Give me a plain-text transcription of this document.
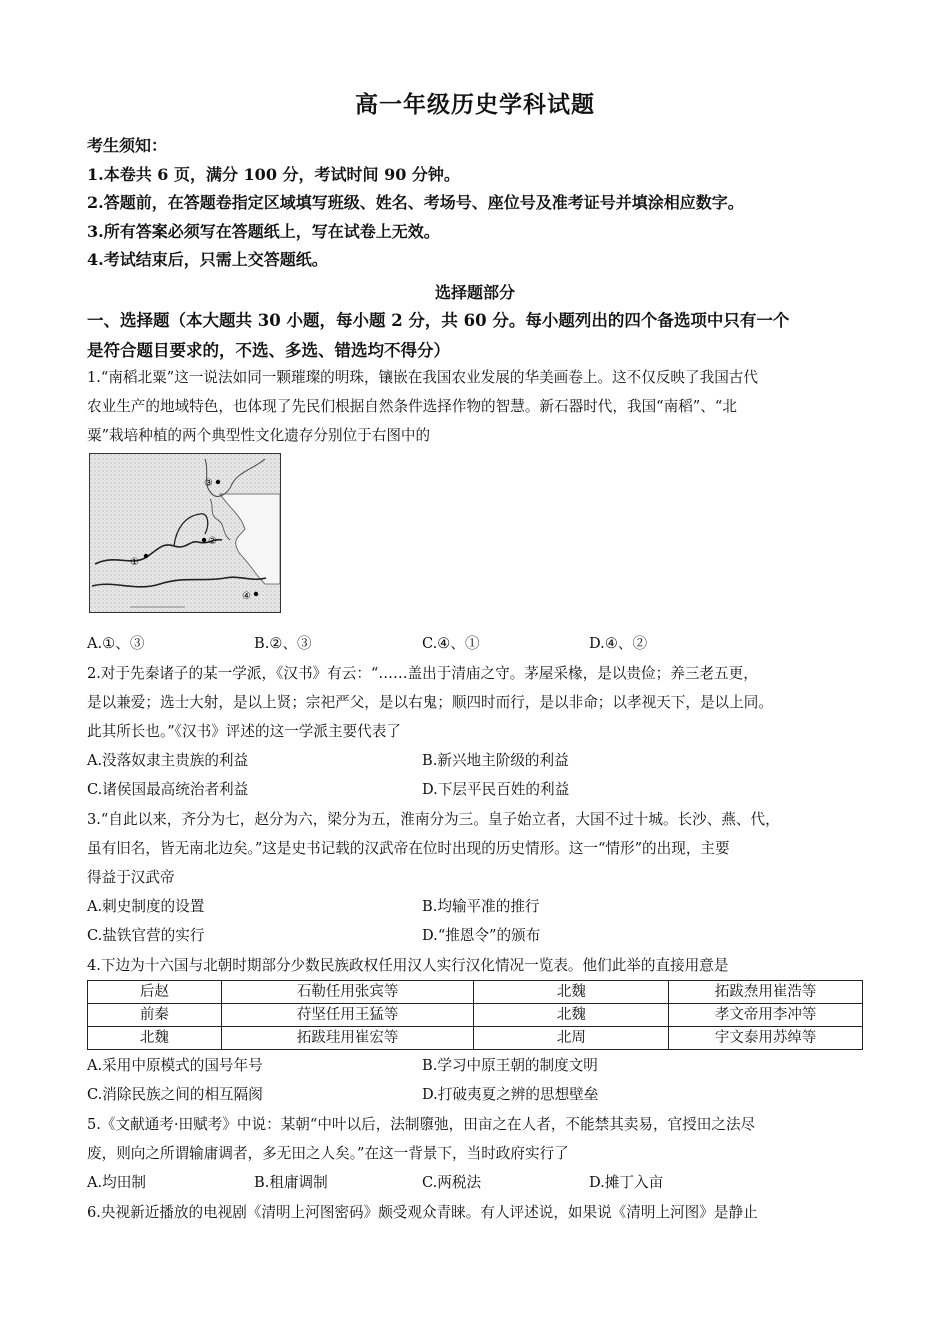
高一年级历史学科试题
考生须知：
1.本卷共 6 页，满分 100 分，考试时间 90 分钟。
2.答题前，在答题卷指定区域填写班级、姓名、考场号、座位号及准考证号并填涂相应数字。
3.所有答案必须写在答题纸上，写在试卷上无效。
4.考试结束后，只需上交答题纸。
选择题部分
一、选择题（本大题共 30 小题，每小题 2 分，共 60 分。每小题列出的四个备选项中只有一个
是符合题目要求的，不选、多选、错选均不得分）

1.“南稻北粟”这一说法如同一颗璀璨的明珠，镶嵌在我国农业发展的华美画卷上。这不仅反映了我国古代

农业生产的地域特色，也体现了先民们根据自然条件选择作物的智慧。新石器时代，我国“南稻”、“北

粟”栽培种植的两个典型性文化遗存分别位于右图中的

③
②
①
④
A.①、③	B.②、③	C.④、①	D.④、②

2.对于先秦诸子的某一学派，《汉书》有云：“……盖出于清庙之守。茅屋采椽，是以贵俭；养三老五更，

是以兼爱；选士大射，是以上贤；宗祀严父，是以右鬼；顺四时而行，是以非命；以孝视天下，是以上同。

此其所长也。”《汉书》评述的这一学派主要代表了

A.没落奴隶主贵族的利益	B.新兴地主阶级的利益
C.诸侯国最高统治者利益	D.下层平民百姓的利益

3.“自此以来，齐分为七，赵分为六，梁分为五，淮南分为三。皇子始立者，大国不过十城。长沙、燕、代，

虽有旧名，皆无南北边矣。”这是史书记载的汉武帝在位时出现的历史情形。这一“情形”的出现，主要

得益于汉武帝

A.刺史制度的设置	B.均输平准的推行
C.盐铁官营的实行	D.“推恩令”的颁布

4.下边为十六国与北朝时期部分少数民族政权任用汉人实行汉化情况一览表。他们此举的直接用意是

后赵	石勒任用张宾等	北魏	拓跋焘用崔浩等
前秦	苻坚任用王猛等	北魏	孝文帝用李冲等
北魏	拓跋珪用崔宏等	北周	宇文泰用苏绰等
A.采用中原模式的国号年号	B.学习中原王朝的制度文明
C.消除民族之间的相互隔阂	D.打破夷夏之辨的思想壁垒

5.《文献通考·田赋考》中说：某朝“中叶以后，法制隳弛，田亩之在人者，不能禁其卖易，官授田之法尽

废，则向之所谓输庸调者，多无田之人矣。”在这一背景下，当时政府实行了

A.均田制	B.租庸调制	C.两税法	D.摊丁入亩

6.央视新近播放的电视剧《清明上河图密码》颇受观众青睐。有人评述说，如果说《清明上河图》是静止
